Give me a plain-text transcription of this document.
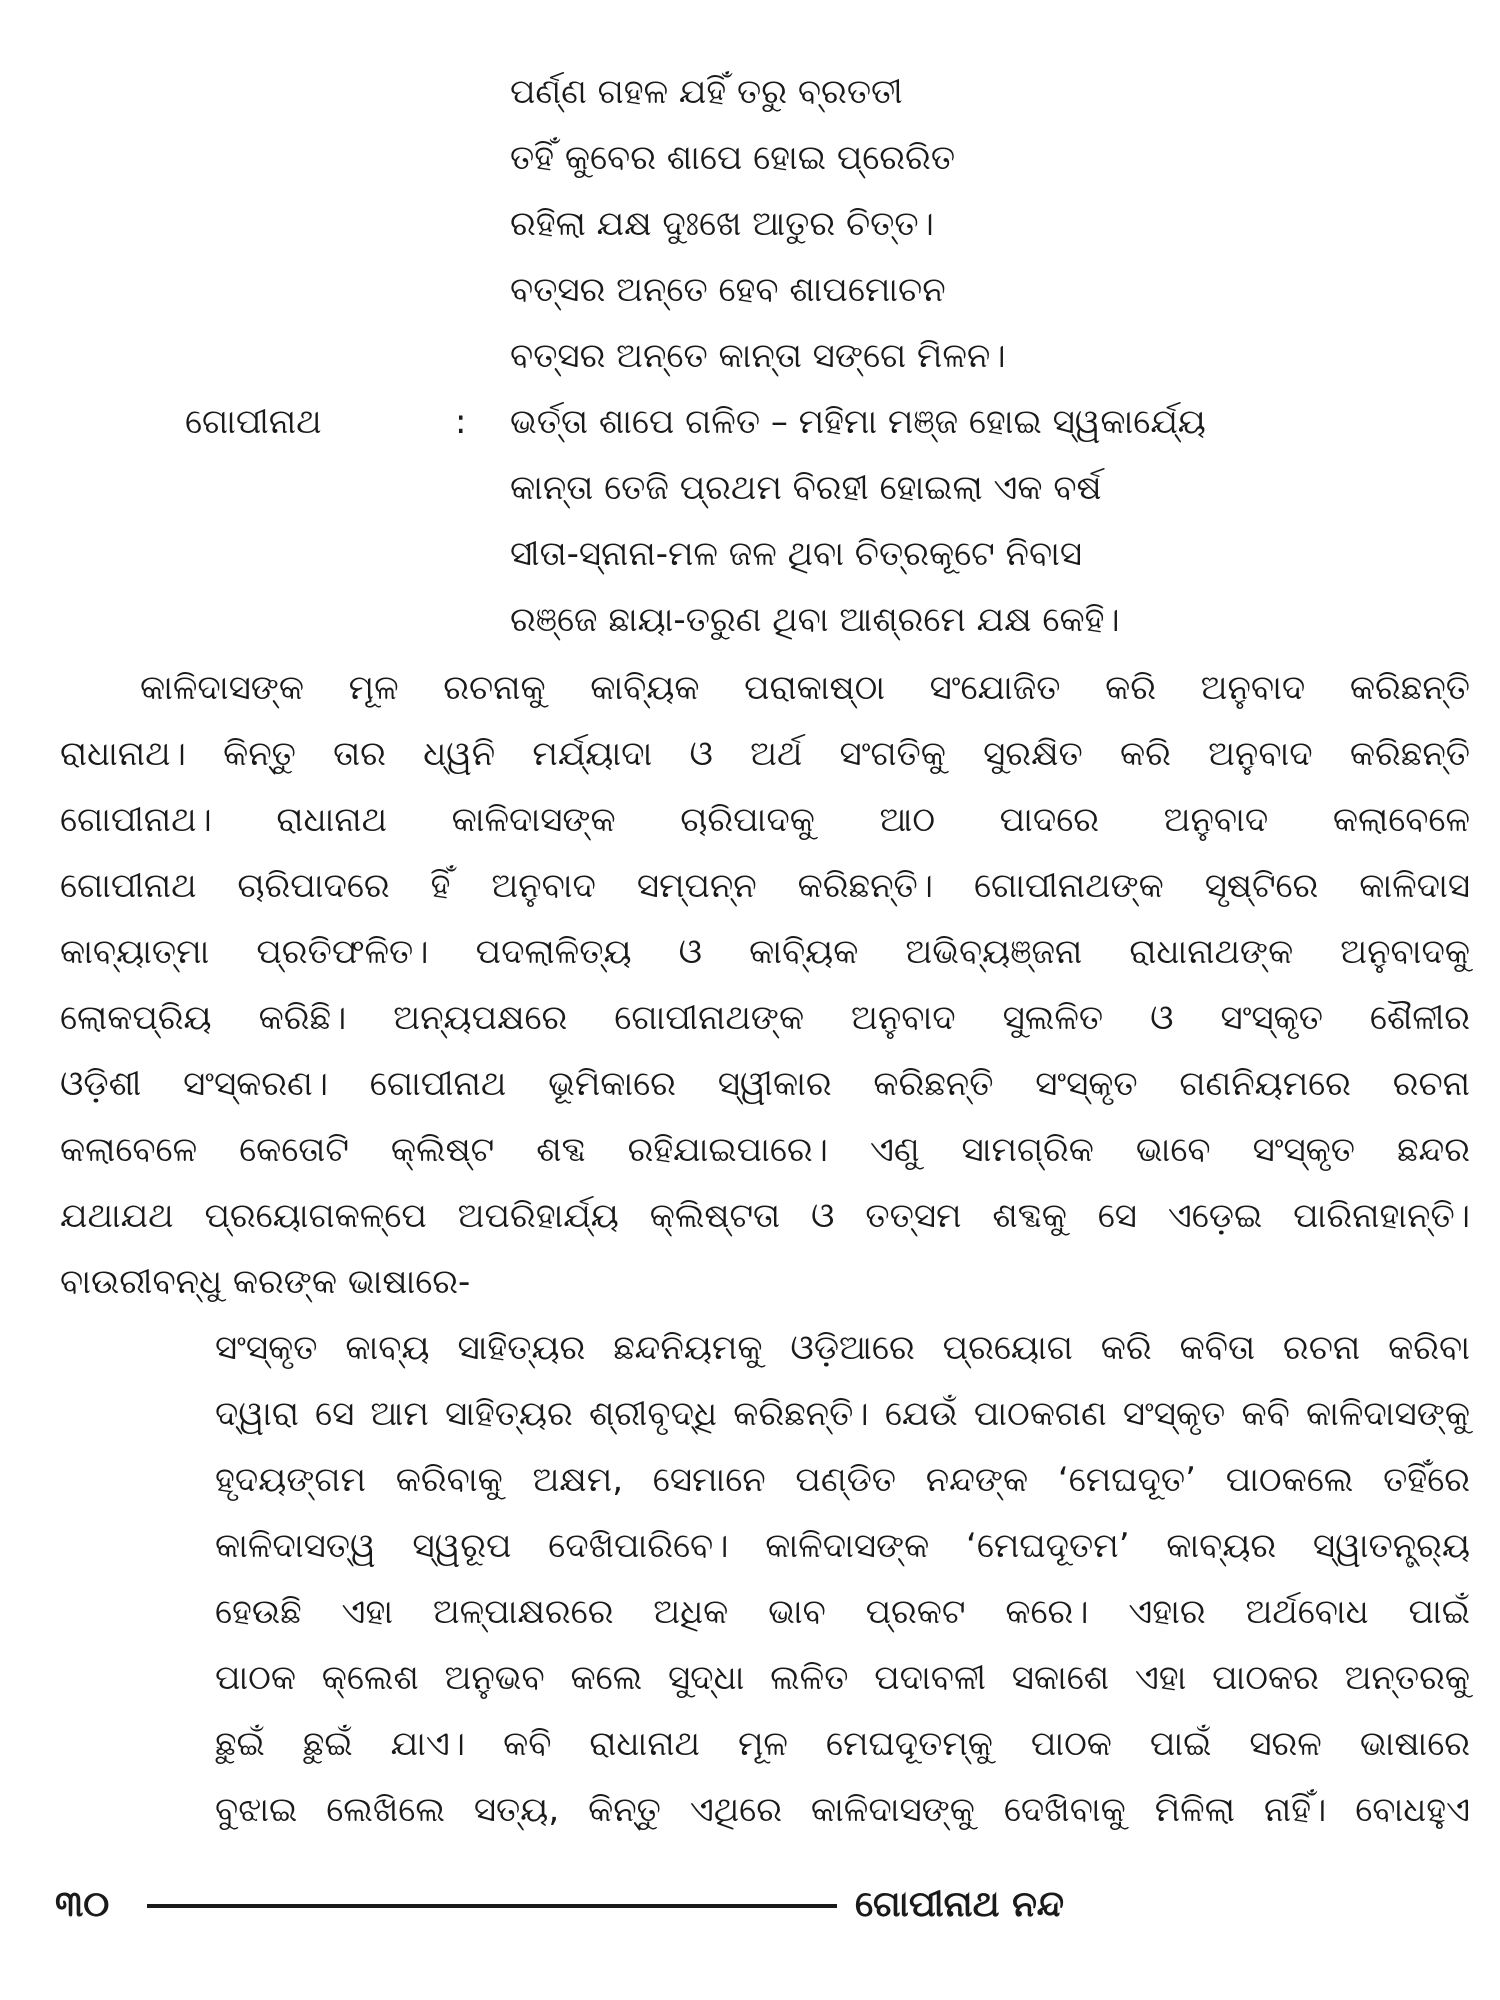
ପର୍ଣ୍ଣ ଗହଳ ଯହିଁ ତରୁ ବ୍ରତତୀ
ତହିଁ କୁବେର ଶାପେ ହୋଇ ପ୍ରେରିତ
ରହିଲା ଯକ୍ଷ ଦୁଃଖେ ଆତୁର ଚିତ୍ତ।
ବତ୍ସର ଅନ୍ତେ ହେବ ଶାପମୋଚନ
ବତ୍ସର ଅନ୍ତେ କାନ୍ତା ସଙ୍ଗେ ମିଳନ।
ଗୋପୀନାଥ	: ଭର୍ତ୍ତା ଶାପେ ଗଳିତ – ମହିମା ମଞ୍ଜ ହୋଇ ସ୍ୱକାର୍ଯ୍ୟେ
କାନ୍ତା ତେଜି ପ୍ରଥମ ବିରହୀ ହୋଇଲା ଏକ ବର୍ଷ
ସୀତା-ସ୍ନାନା-ମଳ ଜଳ ଥିବା ଚିତ୍ରକୂଟେ ନିବାସ
ରଞ୍ଜେ ଛାୟା-ତରୁଣ ଥିବା ଆଶ୍ରମେ ଯକ୍ଷ କେହି।
କାଳିଦାସଙ୍କ ମୂଳ ରଚନାକୁ କାବ୍ୟିକ ପରାକାଷ୍ଠା ସଂଯୋଜିତ କରି ଅନୁବାଦ କରିଛନ୍ତି
ରାଧାନାଥ। କିନ୍ତୁ ତାର ଧ୍ୱନି ମର୍ଯ୍ୟାଦା ଓ ଅର୍ଥ ସଂଗତିକୁ ସୁରକ୍ଷିତ କରି ଅନୁବାଦ କରିଛନ୍ତି
ଗୋପୀନାଥ। ରାଧାନାଥ କାଳିଦାସଙ୍କ ଚାରିପାଦକୁ ଆଠ ପାଦରେ ଅନୁବାଦ କଲାବେଳେ
ଗୋପୀନାଥ ଚାରିପାଦରେ ହିଁ ଅନୁବାଦ ସମ୍ପନ୍ନ କରିଛନ୍ତି। ଗୋପୀନାଥଙ୍କ ସୃଷ୍ଟିରେ କାଳିଦାସ
କାବ୍ୟାତ୍ମା ପ୍ରତିଫଳିତ। ପଦଲାଳିତ୍ୟ ଓ କାବ୍ୟିକ ଅଭିବ୍ୟଞ୍ଜନା ରାଧାନାଥଙ୍କ ଅନୁବାଦକୁ
ଲୋକପ୍ରିୟ କରିଛି। ଅନ୍ୟପକ୍ଷରେ ଗୋପୀନାଥଙ୍କ ଅନୁବାଦ ସୁଲଳିତ ଓ ସଂସ୍କୃତ ଶୈଳୀର
ଓଡ଼ିଶୀ ସଂସ୍କରଣ। ଗୋପୀନାଥ ଭୂମିକାରେ ସ୍ୱୀକାର କରିଛନ୍ତି ସଂସ୍କୃତ ଗଣନିୟମରେ ରଚନା
କଲାବେଳେ କେତୋଟି କ୍ଲିଷ୍ଟ ଶବ୍ଦ ରହିଯାଇପାରେ। ଏଣୁ ସାମଗ୍ରିକ ଭାବେ ସଂସ୍କୃତ ଛନ୍ଦର
ଯଥାଯଥ ପ୍ରୟୋଗକଳ୍ପେ ଅପରିହାର୍ଯ୍ୟ କ୍ଲିଷ୍ଟତା ଓ ତତ୍ସମ ଶବ୍ଦକୁ ସେ ଏଡ଼େଇ ପାରିନାହାନ୍ତି।
ବାଉରୀବନ୍ଧୁ କରଙ୍କ ଭାଷାରେ-
ସଂସ୍କୃତ କାବ୍ୟ ସାହିତ୍ୟର ଛନ୍ଦନିୟମକୁ ଓଡ଼ିଆରେ ପ୍ରୟୋଗ କରି କବିତା ରଚନା କରିବା
ଦ୍ୱାରା ସେ ଆମ ସାହିତ୍ୟର ଶ୍ରୀବୃଦ୍ଧି କରିଛନ୍ତି। ଯେଉଁ ପାଠକଗଣ ସଂସ୍କୃତ କବି କାଳିଦାସଙ୍କୁ
ହୃଦୟଙ୍ଗମ କରିବାକୁ ଅକ୍ଷମ, ସେମାନେ ପଣ୍ଡିତ ନନ୍ଦଙ୍କ ‘ମେଘଦୂତ’ ପାଠକଲେ ତହିଁରେ
କାଳିଦାସତ୍ୱ ସ୍ୱରୂପ ଦେଖିପାରିବେ। କାଳିଦାସଙ୍କ ‘ମେଘଦୂତମ’ କାବ୍ୟର ସ୍ୱାତନ୍ତ୍ର୍ୟ
ହେଉଛି ଏହା ଅଳ୍ପାକ୍ଷରରେ ଅଧିକ ଭାବ ପ୍ରକଟ କରେ। ଏହାର ଅର୍ଥବୋଧ ପାଇଁ
ପାଠକ କ୍ଲେଶ ଅନୁଭବ କଲେ ସୁଦ୍ଧା ଲଳିତ ପଦାବଳୀ ସକାଶେ ଏହା ପାଠକର ଅନ୍ତରକୁ
ଛୁଇଁ ଛୁଇଁ ଯାଏ। କବି ରାଧାନାଥ ମୂଳ ମେଘଦୂତମ୍‌କୁ ପାଠକ ପାଇଁ ସରଳ ଭାଷାରେ
ବୁଝାଇ ଲେଖିଲେ ସତ୍ୟ, କିନ୍ତୁ ଏଥିରେ କାଳିଦାସଙ୍କୁ ଦେଖିବାକୁ ମିଳିଲା ନାହିଁ। ବୋଧହୁଏ
୩୦	ଗୋପୀନାଥ ନନ୍ଦ
